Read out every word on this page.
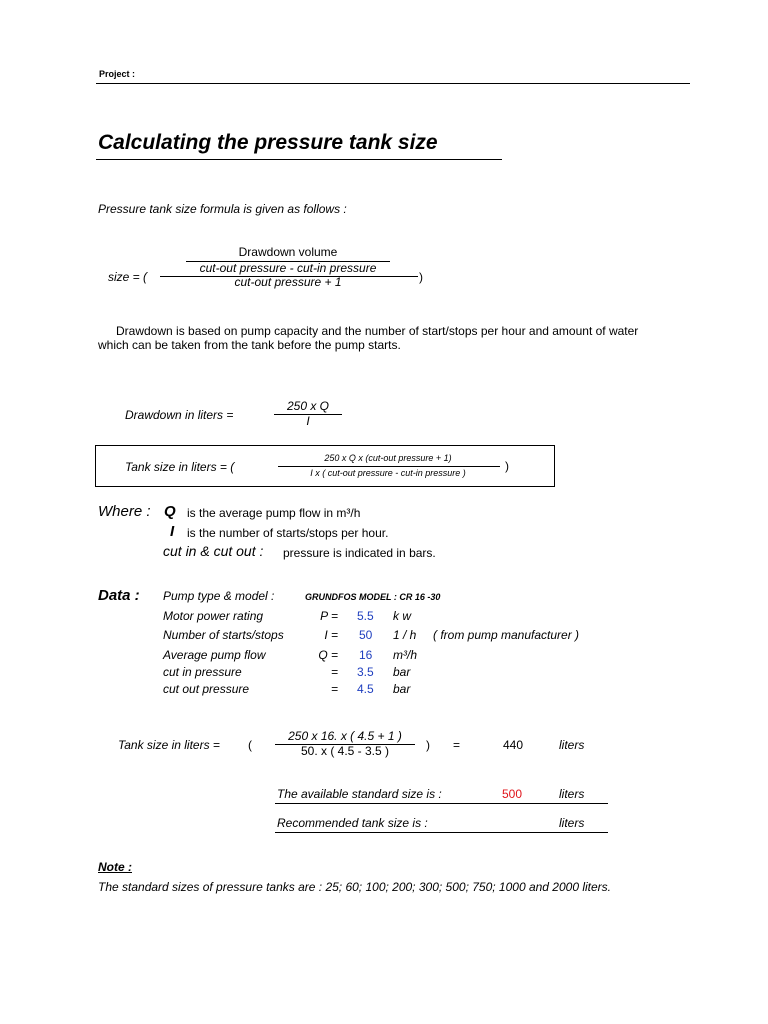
Project :
Calculating the pressure tank size
Pressure tank size formula is given as follows :
size = (
Drawdown volume
cut-out pressure - cut-in pressure
cut-out pressure + 1	)
Drawdown is based on pump capacity and the number of start/stops per hour and amount of water
which can be taken from the tank before the pump starts.
Drawdown in liters =
250 x Q
I
Tank size in liters = (
250 x Q x (cut-out pressure + 1)
I x ( cut-out pressure - cut-in pressure )	)
Where : Q is the average pump flow in m³/h
I is the number of starts/stops per hour.
cut in & cut out : pressure is indicated in bars.
Data : Pump type & model :	GRUNDFOS MODEL : CR 16 -30
Motor power rating	P = 5.5 k w
Number of starts/stops	I = 50 1 / h ( from pump manufacturer )
Average pump flow	Q = 16 m³/h
cut in pressure	= 3.5 bar
cut out pressure	= 4.5 bar
Tank size in liters = (
250 x 16. x ( 4.5 + 1 )
50. x ( 4.5 - 3.5 )	) =	440	liters
The available standard size is :	500	liters
Recommended tank size is :	liters
Note :
The standard sizes of pressure tanks are : 25; 60; 100; 200; 300; 500; 750; 1000 and 2000 liters.
